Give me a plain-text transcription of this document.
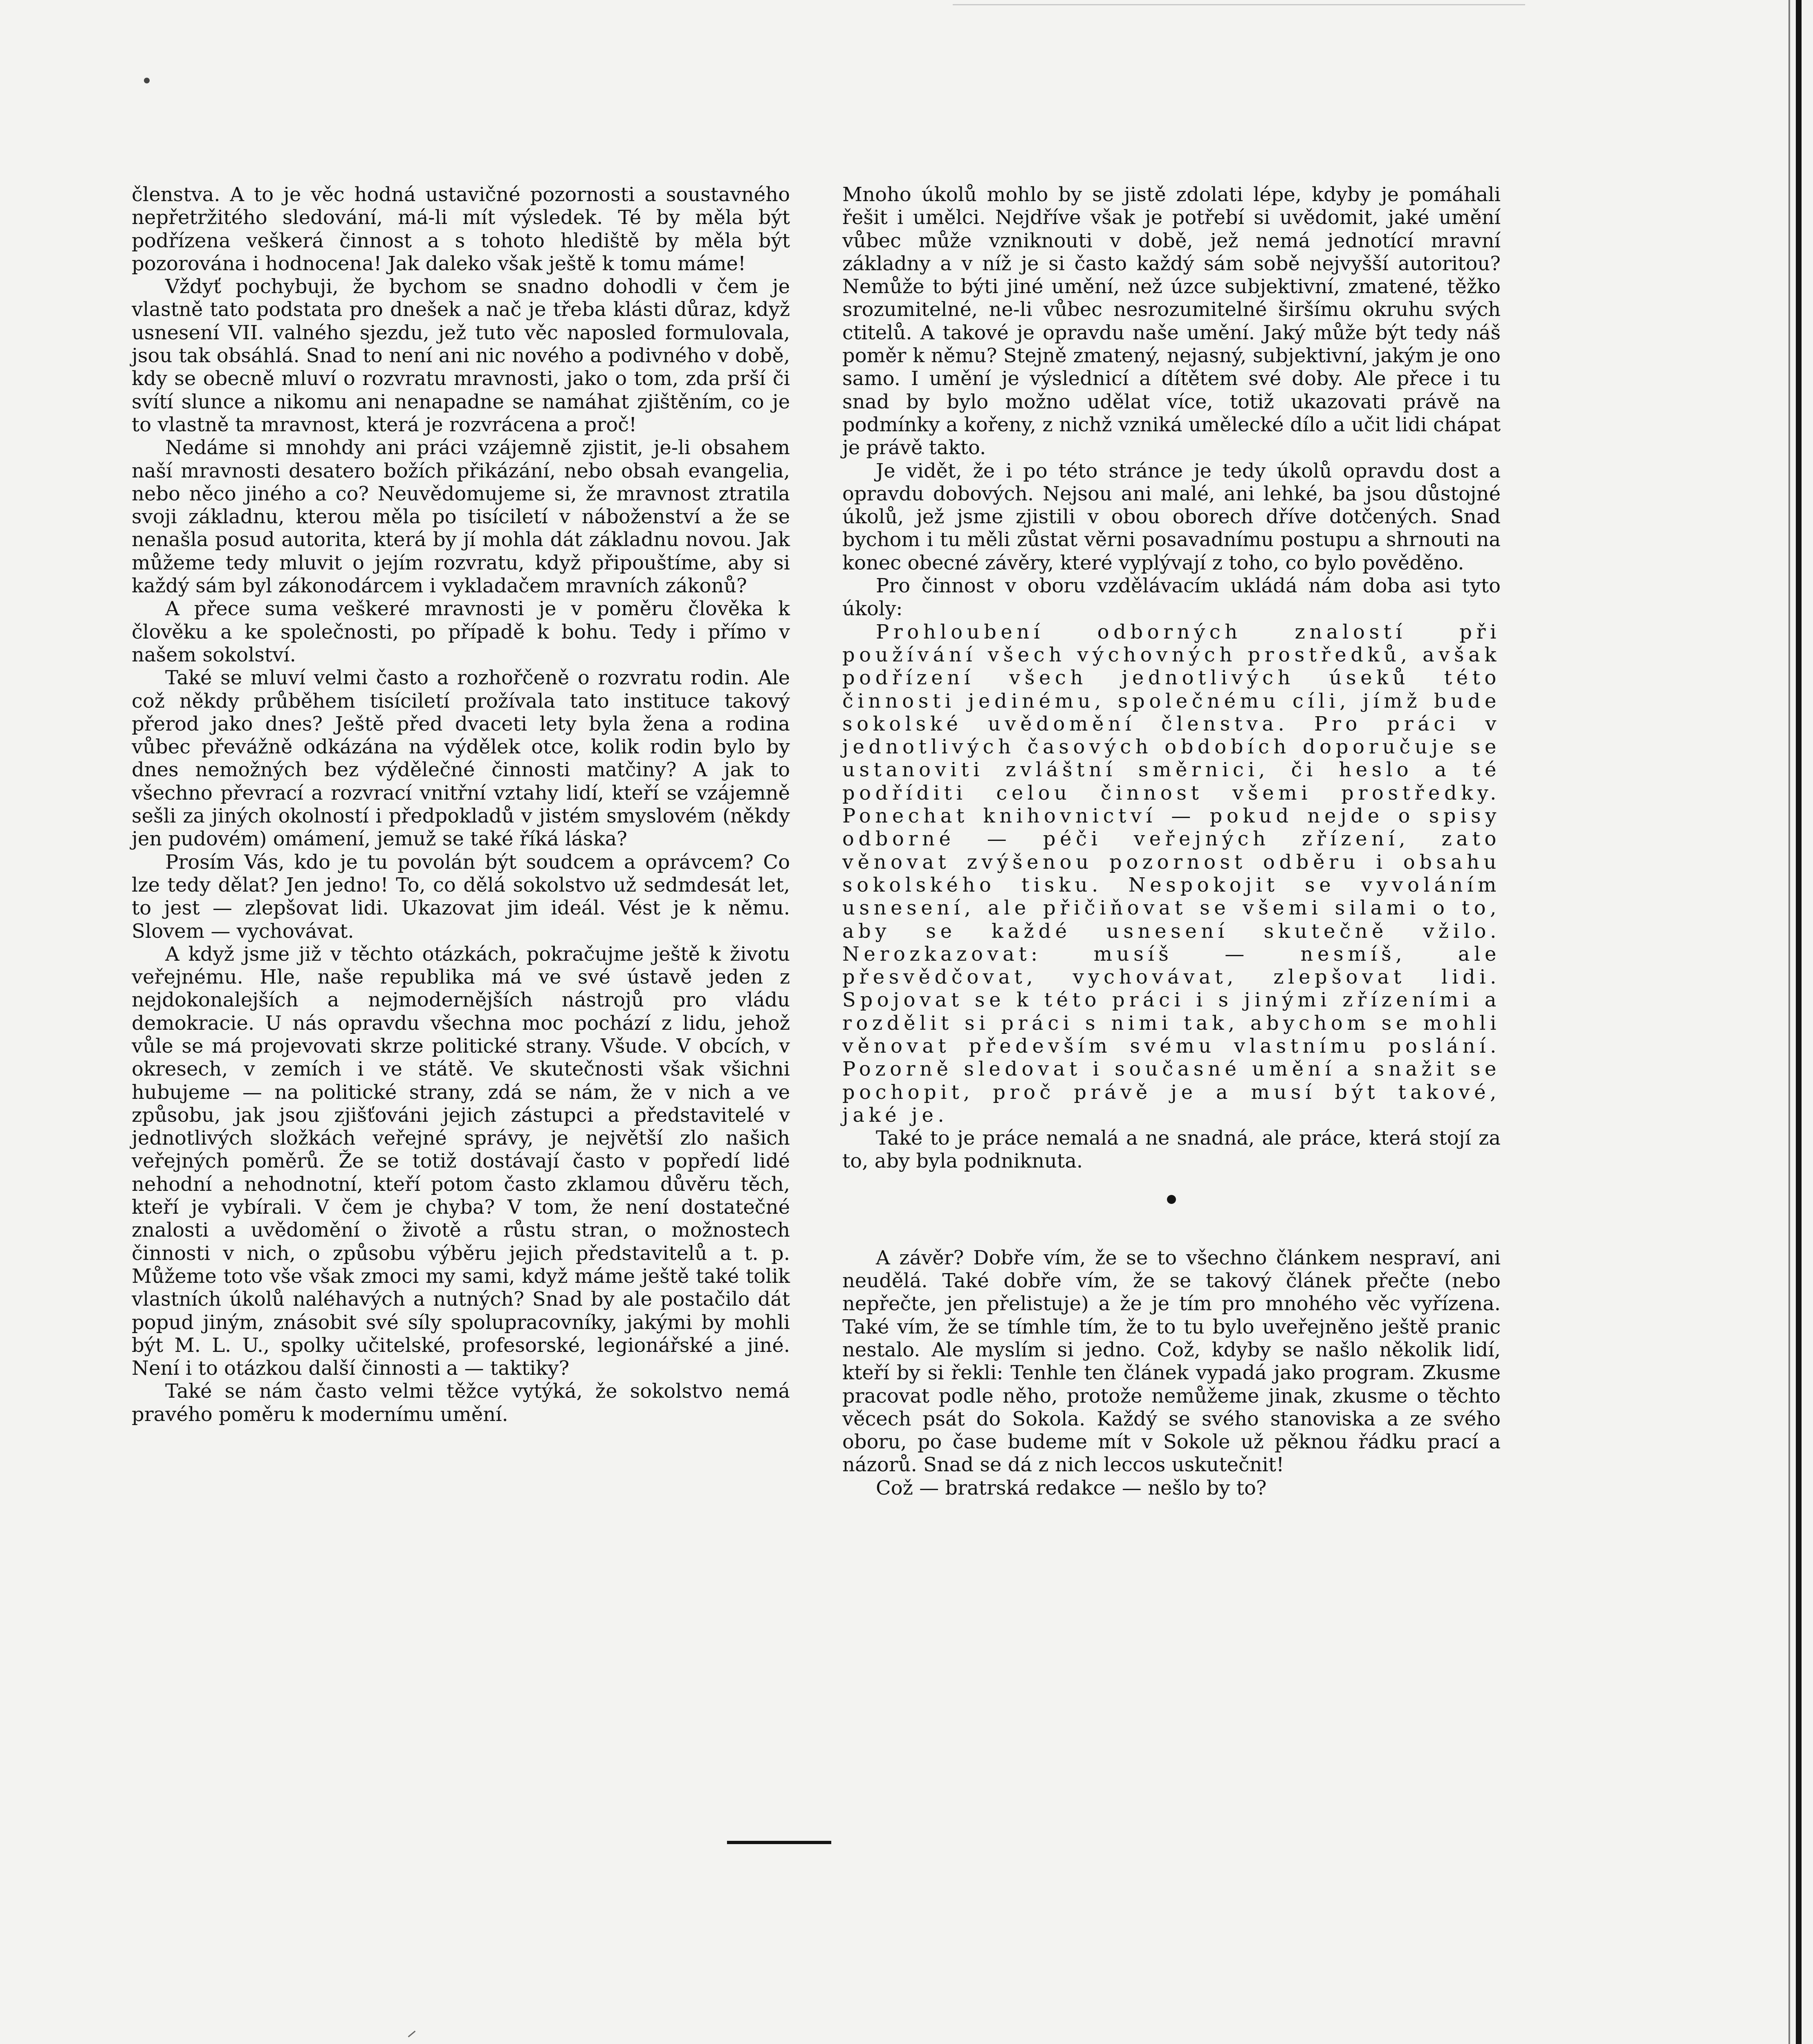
členstva. A to je věc hodná ustavičné pozornosti a soustavného nepřetržitého sledování, má-li mít výsledek. Té by měla být podřízena veškerá činnost a s tohoto hlediště by měla být pozorována i hodnocena! Jak daleko však ještě k tomu máme!

Vždyť pochybuji, že bychom se snadno dohodli v čem je vlastně tato podstata pro dnešek a nač je třeba klásti důraz, když usnesení VII. valného sjezdu, jež tuto věc naposled formulovala, jsou tak obsáhlá. Snad to není ani nic nového a podivného v době, kdy se obecně mluví o rozvratu mravnosti, jako o tom, zda prší či svítí slunce a nikomu ani nenapadne se namáhat zjištěním, co je to vlastně ta mravnost, která je rozvrácena a proč!

Nedáme si mnohdy ani práci vzájemně zjistit, je-li obsahem naší mravnosti desatero božích přikázání, nebo obsah evangelia, nebo něco jiného a co? Neuvědomujeme si, že mravnost ztratila svoji základnu, kterou měla po tisíciletí v náboženství a že se nenašla posud autorita, která by jí mohla dát základnu novou. Jak můžeme tedy mluvit o jejím rozvratu, když připouštíme, aby si každý sám byl zákonodárcem i vykladačem mravních zákonů?

A přece suma veškeré mravnosti je v poměru člověka k člověku a ke společnosti, po případě k bohu. Tedy i přímo v našem sokolství.

Také se mluví velmi často a rozhořčeně o rozvratu rodin. Ale což někdy průběhem tisíciletí prožívala tato instituce takový přerod jako dnes? Ještě před dvaceti lety byla žena a rodina vůbec převážně odkázána na výdělek otce, kolik rodin bylo by dnes nemožných bez výdělečné činnosti matčiny? A jak to všechno převrací a rozvrací vnitřní vztahy lidí, kteří se vzájemně sešli za jiných okolností i předpokladů v jistém smyslovém (někdy jen pudovém) omámení, jemuž se také říká láska?

Prosím Vás, kdo je tu povolán být soudcem a oprávcem? Co lze tedy dělat? Jen jedno! To, co dělá sokolstvo už sedmdesát let, to jest — zlepšovat lidi. Ukazovat jim ideál. Vést je k němu. Slovem — vychovávat.

A když jsme již v těchto otázkách, pokračujme ještě k životu veřejnému. Hle, naše republika má ve své ústavě jeden z nejdokonalejších a nejmodernějších nástrojů pro vládu demokracie. U nás opravdu všechna moc pochází z lidu, jehož vůle se má projevovati skrze politické strany. Všude. V obcích, v okresech, v zemích i ve státě. Ve skutečnosti však všichni hubujeme — na politické strany, zdá se nám, že v nich a ve způsobu, jak jsou zjišťováni jejich zástupci a představitelé v jednotlivých složkách veřejné správy, je největší zlo našich veřejných poměrů. Že se totiž dostávají často v popředí lidé nehodní a nehodnotní, kteří potom často zklamou důvěru těch, kteří je vybírali. V čem je chyba? V tom, že není dostatečné znalosti a uvědomění o životě a růstu stran, o možnostech činnosti v nich, o způsobu výběru jejich představitelů a t. p. Můžeme toto vše však zmoci my sami, když máme ještě také tolik vlastních úkolů naléhavých a nutných? Snad by ale postačilo dát popud jiným, znásobit své síly spolupracovníky, jakými by mohli být M. L. U., spolky učitelské, profesorské, legionářské a jiné. Není i to otázkou další činnosti a — taktiky?

Také se nám často velmi těžce vytýká, že sokolstvo nemá pravého poměru k modernímu umění.

Mnoho úkolů mohlo by se jistě zdolati lépe, kdyby je pomáhali řešit i umělci. Nejdříve však je potřebí si uvědomit, jaké umění vůbec může vzniknouti v době, jež nemá jednotící mravní základny a v níž je si často každý sám sobě nejvyšší autoritou? Nemůže to býti jiné umění, než úzce subjektivní, zmatené, těžko srozumitelné, ne-li vůbec nesrozumitelné širšímu okruhu svých ctitelů. A takové je opravdu naše umění. Jaký může být tedy náš poměr k němu? Stejně zmatený, nejasný, subjektivní, jakým je ono samo. I umění je výslednicí a dítětem své doby. Ale přece i tu snad by bylo možno udělat více, totiž ukazovati právě na podmínky a kořeny, z nichž vzniká umělecké dílo a učit lidi chápat je právě takto.

Je vidět, že i po této stránce je tedy úkolů opravdu dost a opravdu dobových. Nejsou ani malé, ani lehké, ba jsou důstojné úkolů, jež jsme zjistili v obou oborech dříve dotčených. Snad bychom i tu měli zůstat věrni posavadnímu postupu a shrnouti na konec obecné závěry, které vyplývají z toho, co bylo pověděno.

Pro činnost v oboru vzdělávacím ukládá nám doba asi tyto úkoly:

Prohloubení odborných znalostí při používání všech výchovných prostředků, avšak podřízení všech jednotlivých úseků této činnosti jedinému, společnému cíli, jímž bude sokolské uvědomění členstva. Pro práci v jednotlivých časových obdobích doporučuje se ustanoviti zvláštní směrnici, či heslo a té podříditi celou činnost všemi prostředky. Ponechat knihovnictví — pokud nejde o spisy odborné — péči veřejných zřízení, zato věnovat zvýšenou pozornost odběru i obsahu sokolského tisku. Nespokojit se vyvoláním usnesení, ale přičiňovat se všemi silami o to, aby se každé usnesení skutečně vžilo. Nerozkazovat: musíš — nesmíš, ale přesvědčovat, vychovávat, zlepšovat lidi. Spojovat se k této práci i s jinými zřízeními a rozdělit si práci s nimi tak, abychom se mohli věnovat především svému vlastnímu poslání. Pozorně sledovat i současné umění a snažit se pochopit, proč právě je a musí být takové, jaké je.

Také to je práce nemalá a ne snadná, ale práce, která stojí za to, aby byla podniknuta.

A závěr? Dobře vím, že se to všechno článkem nespraví, ani neudělá. Také dobře vím, že se takový článek přečte (nebo nepřečte, jen přelistuje) a že je tím pro mnohého věc vyřízena. Také vím, že se tímhle tím, že to tu bylo uveřejněno ještě pranic nestalo. Ale myslím si jedno. Což, kdyby se našlo několik lidí, kteří by si řekli: Tenhle ten článek vypadá jako program. Zkusme pracovat podle něho, protože nemůžeme jinak, zkusme o těchto věcech psát do Sokola. Každý se svého stanoviska a ze svého oboru, po čase budeme mít v Sokole už pěknou řádku prací a názorů. Snad se dá z nich leccos uskutečnit!

Což — bratrská redakce — nešlo by to?
